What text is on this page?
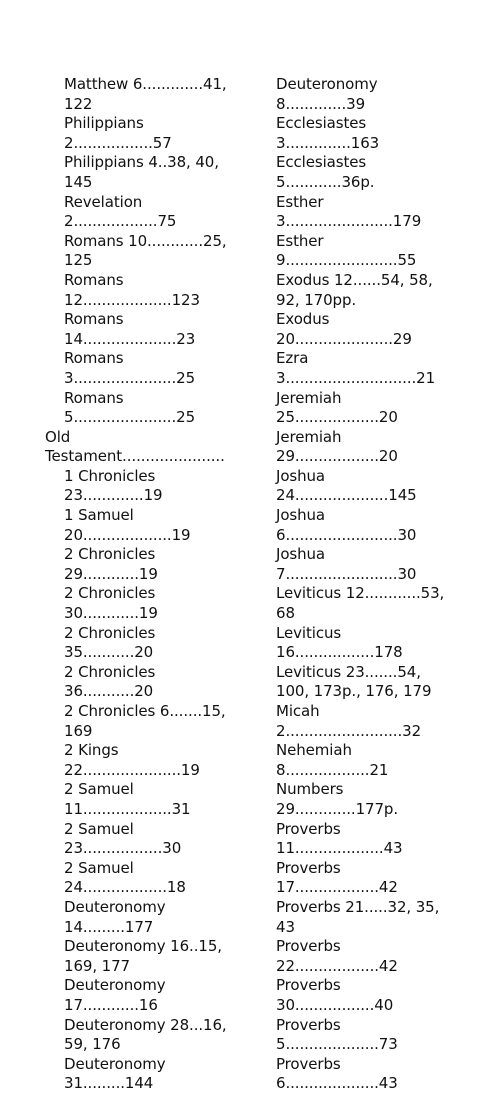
Matthew 6.............41, 122
Philippians 2.................57
Philippians 4..38, 40, 145
Revelation 2..................75
Romans 10............25, 125
Romans 12...................123
Romans 14....................23
Romans 3......................25
Romans 5......................25
Old Testament......................
1 Chronicles 23.............19
1 Samuel 20...................19
2 Chronicles 29............19
2 Chronicles 30............19
2 Chronicles 35...........20
2 Chronicles 36...........20
2 Chronicles 6.......15, 169
2 Kings 22.....................19
2 Samuel 11...................31
2 Samuel 23.................30
2 Samuel 24..................18
Deuteronomy 14.........177
Deuteronomy 16..15, 169, 177
Deuteronomy 17............16
Deuteronomy 28...16, 59, 176
Deuteronomy 31.........144
Deuteronomy 8.............39
Ecclesiastes 3..............163
Ecclesiastes 5............36p.
Esther 3.......................179
Esther 9........................55
Exodus 12......54, 58, 92, 170pp.
Exodus 20.....................29
Ezra 3............................21
Jeremiah 25..................20
Jeremiah 29..................20
Joshua 24....................145
Joshua 6........................30
Joshua 7........................30
Leviticus 12............53, 68
Leviticus 16.................178
Leviticus 23.......54, 100, 173p., 176, 179
Micah 2.........................32
Nehemiah 8..................21
Numbers 29.............177p.
Proverbs 11...................43
Proverbs 17..................42
Proverbs 21.....32, 35, 43
Proverbs 22..................42
Proverbs 30.................40
Proverbs 5....................73
Proverbs 6....................43
